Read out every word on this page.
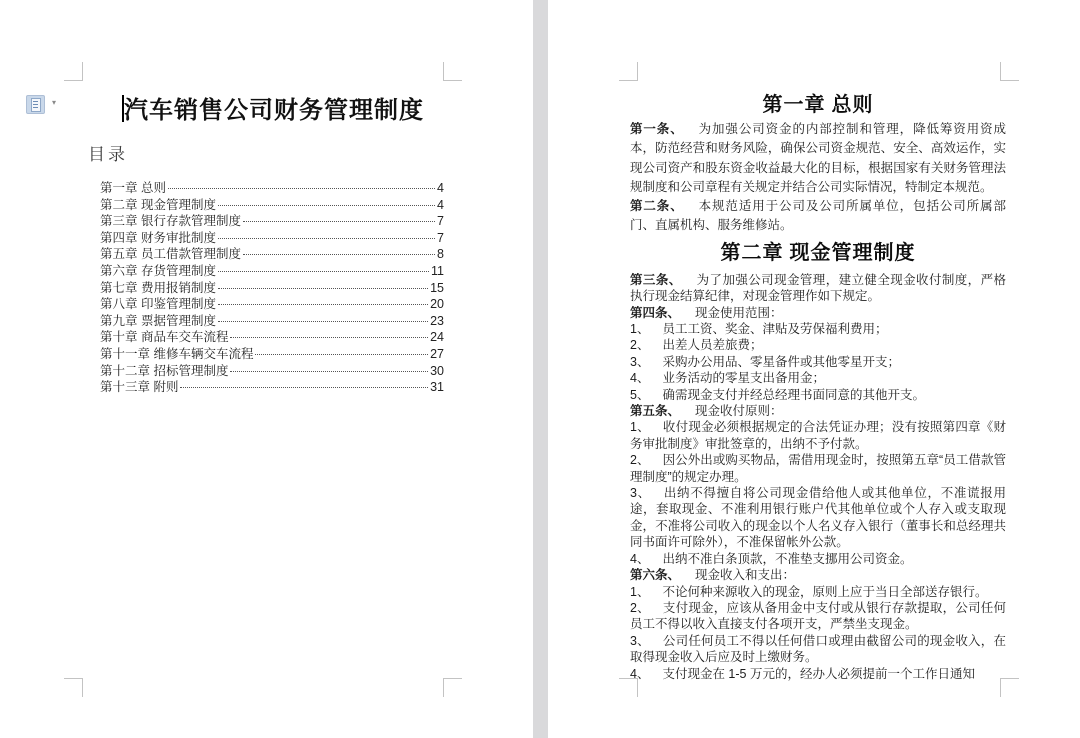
▾	汽车销售公司财务管理制度
目录
第一章 总则	4
第二章 现金管理制度	4
第三章 银行存款管理制度	7
第四章 财务审批制度	7
第五章 员工借款管理制度	8
第六章 存货管理制度	11
第七章 费用报销制度	15
第八章 印鉴管理制度	20
第九章 票据管理制度	23
第十章 商品车交车流程	24
第十一章 维修车辆交车流程	27
第十二章 招标管理制度	30
第十三章 附则	31
第一章 总则

第一条、 为加强公司资金的内部控制和管理，降低筹资用资成本，防范经营和财务风险，确保公司资金规范、安全、高效运作，实现公司资产和股东资金收益最大化的目标，根据国家有关财务管理法规制度和公司章程有关规定并结合公司实际情况，特制定本规范。

第二条、 本规范适用于公司及公司所属单位，包括公司所属部门、直属机构、服务维修站。

第二章 现金管理制度

第三条、 为了加强公司现金管理，建立健全现金收付制度，严格执行现金结算纪律，对现金管理作如下规定。

第四条、 现金使用范围：

1、 员工工资、奖金、津贴及劳保福利费用；

2、 出差人员差旅费；

3、 采购办公用品、零星备件或其他零星开支；

4、 业务活动的零星支出备用金；

5、 确需现金支付并经总经理书面同意的其他开支。

第五条、 现金收付原则：

1、 收付现金必须根据规定的合法凭证办理；没有按照第四章《财务审批制度》审批签章的，出纳不予付款。

2、 因公外出或购买物品，需借用现金时，按照第五章“员工借款管理制度”的规定办理。

3、 出纳不得擅自将公司现金借给他人或其他单位，不准谎报用途，套取现金、不准利用银行账户代其他单位或个人存入或支取现金，不准将公司收入的现金以个人名义存入银行（董事长和总经理共同书面许可除外），不准保留帐外公款。

4、 出纳不准白条顶款，不准垫支挪用公司资金。

第六条、 现金收入和支出：

1、 不论何种来源收入的现金，原则上应于当日全部送存银行。

2、 支付现金，应该从备用金中支付或从银行存款提取，公司任何员工不得以收入直接支付各项开支，严禁坐支现金。

3、 公司任何员工不得以任何借口或理由截留公司的现金收入，在取得现金收入后应及时上缴财务。

4、 支付现金在 1-5 万元的，经办人必须提前一个工作日通知
